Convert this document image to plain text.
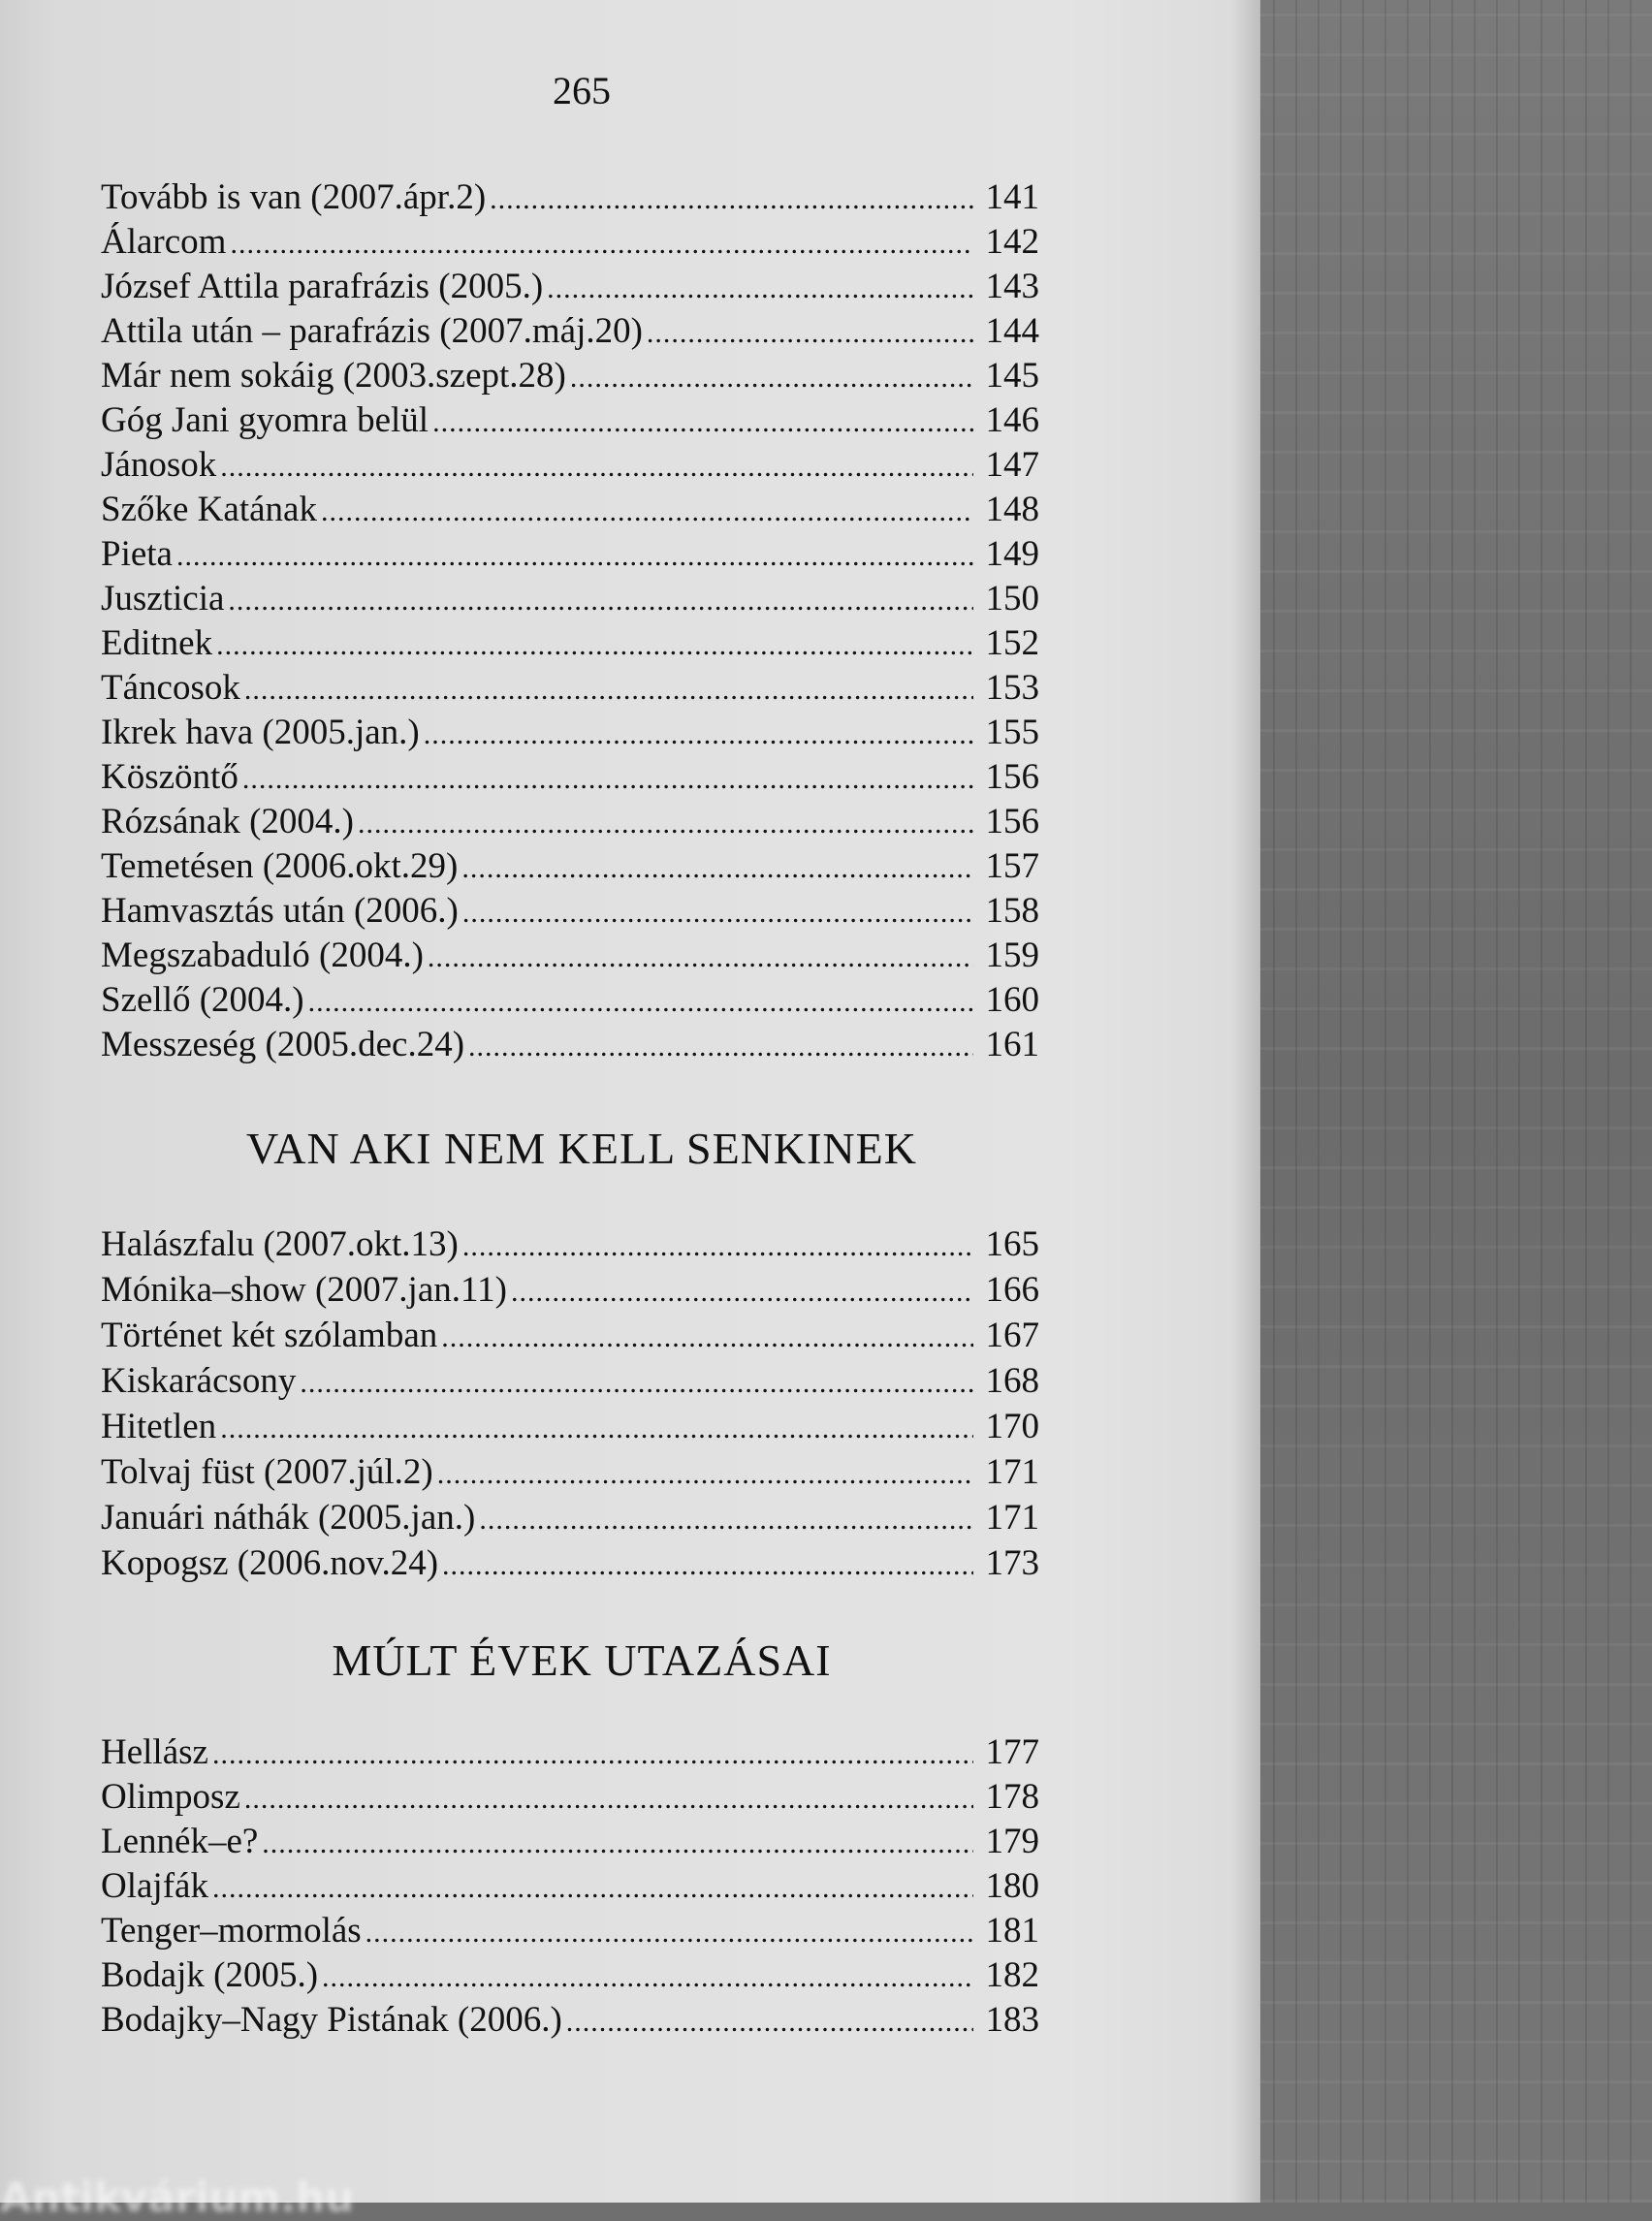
265
Tovább is van (2007.ápr.2) .....	141
Álarcom .....	142
József Attila parafrázis (2005.) .....	143
Attila után – parafrázis (2007.máj.20) .....	144
Már nem sokáig (2003.szept.28) .....	145
Góg Jani gyomra belül .....	146
Jánosok .....	147
Szőke Katának .....	148
Pieta .....	149
Juszticia .....	150
Editnek .....	152
Táncosok .....	153
Ikrek hava (2005.jan.) .....	155
Köszöntő .....	156
Rózsának (2004.) .....	156
Temetésen (2006.okt.29) .....	157
Hamvasztás után (2006.) .....	158
Megszabaduló (2004.) .....	159
Szellő (2004.) .....	160
Messzeség (2005.dec.24) .....	161
VAN AKI NEM KELL SENKINEK
Halászfalu (2007.okt.13) .....	165
Mónika–show (2007.jan.11) .....	166
Történet két szólamban .....	167
Kiskarácsony .....	168
Hitetlen .....	170
Tolvaj füst (2007.júl.2) .....	171
Januári náthák (2005.jan.) .....	171
Kopogsz (2006.nov.24) .....	173
MÚLT ÉVEK UTAZÁSAI
Hellász .....	177
Olimposz .....	178
Lennék–e? .....	179
Olajfák .....	180
Tenger–mormolás .....	181
Bodajk (2005.) .....	182
Bodajky–Nagy Pistának (2006.) .....	183
Antikvárium.hu
